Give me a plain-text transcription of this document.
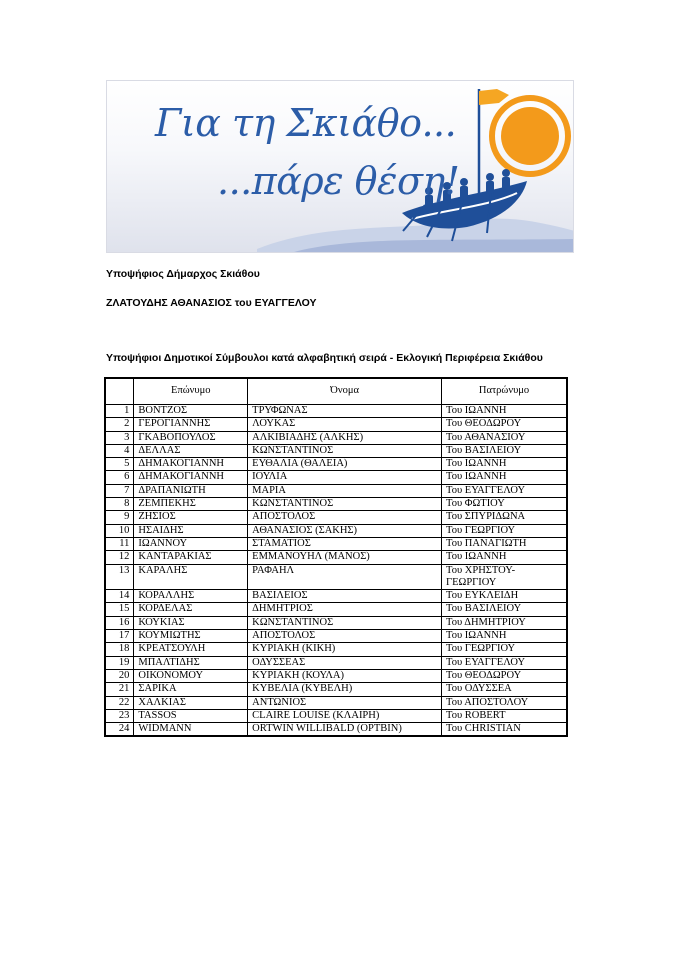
Για τη Σκιάθο...
...πάρε θέση!
Υποψήφιος Δήμαρχος Σκιάθου
ΖΛΑΤΟΥΔΗΣ ΑΘΑΝΑΣΙΟΣ του ΕΥΑΓΓΕΛΟΥ
Υποψήφιοι Δημοτικοί Σύμβουλοι κατά αλφαβητική σειρά - Εκλογική Περιφέρεια Σκιάθου
	Επώνυμο	Όνομα	Πατρώνυμο
1	ΒΟΝΤΖΟΣ	ΤΡΥΦΩΝΑΣ	Του ΙΩΑΝΝΗ
2	ΓΕΡΟΓΙΑΝΝΗΣ	ΛΟΥΚΑΣ	Του ΘΕΟΔΩΡΟΥ
3	ΓΚΑΒΟΠΟΥΛΟΣ	ΑΛΚΙΒΙΑΔΗΣ (ΑΛΚΗΣ)	Του ΑΘΑΝΑΣΙΟΥ
4	ΔΕΛΛΑΣ	ΚΩΝΣΤΑΝΤΙΝΟΣ	Του ΒΑΣΙΛΕΙΟΥ
5	ΔΗΜΑΚΟΓΙΑΝΝΗ	ΕΥΘΑΛΙΑ (ΘΑΛΕΙΑ)	Του ΙΩΑΝΝΗ
6	ΔΗΜΑΚΟΓΙΑΝΝΗ	ΙΟΥΛΙΑ	Του ΙΩΑΝΝΗ
7	ΔΡΑΠΑΝΙΩΤΗ	ΜΑΡΙΑ	Του ΕΥΑΓΓΕΛΟΥ
8	ΖΕΜΠΕΚΗΣ	ΚΩΝΣΤΑΝΤΙΝΟΣ	Του ΦΩΤΙΟΥ
9	ΖΗΣΙΟΣ	ΑΠΟΣΤΟΛΟΣ	Του ΣΠΥΡΙΔΩΝΑ
10	ΗΣΑΙΔΗΣ	ΑΘΑΝΑΣΙΟΣ (ΣΑΚΗΣ)	Του ΓΕΩΡΓΙΟΥ
11	ΙΩΑΝΝΟΥ	ΣΤΑΜΑΤΙΟΣ	Του ΠΑΝΑΓΙΩΤΗ
12	ΚΑΝΤΑΡΑΚΙΑΣ	ΕΜΜΑΝΟΥΗΛ (ΜΑΝΟΣ)	Του ΙΩΑΝΝΗ
13	ΚΑΡΑΛΗΣ	ΡΑΦΑΗΛ	Του ΧΡΗΣΤΟΥ-ΓΕΩΡΓΙΟΥ
14	ΚΟΡΑΛΛΗΣ	ΒΑΣΙΛΕΙΟΣ	Του ΕΥΚΛΕΙΔΗ
15	ΚΟΡΔΕΛΑΣ	ΔΗΜΗΤΡΙΟΣ	Του ΒΑΣΙΛΕΙΟΥ
16	ΚΟΥΚΙΑΣ	ΚΩΝΣΤΑΝΤΙΝΟΣ	Του ΔΗΜΗΤΡΙΟΥ
17	ΚΟΥΜΙΩΤΗΣ	ΑΠΟΣΤΟΛΟΣ	Του ΙΩΑΝΝΗ
18	ΚΡΕΑΤΣΟΥΛΗ	ΚΥΡΙΑΚΗ (ΚΙΚΗ)	Του ΓΕΩΡΓΙΟΥ
19	ΜΠΑΛΤΙΔΗΣ	ΟΔΥΣΣΕΑΣ	Του ΕΥΑΓΓΕΛΟΥ
20	ΟΙΚΟΝΟΜΟΥ	ΚΥΡΙΑΚΗ (ΚΟΥΛΑ)	Του ΘΕΟΔΩΡΟΥ
21	ΣΑΡΙΚΑ	ΚΥΒΕΛΙΑ (ΚΥΒΕΛΗ)	Του ΟΔΥΣΣΕΑ
22	ΧΑΛΚΙΑΣ	ΑΝΤΩΝΙΟΣ	Του ΑΠΟΣΤΟΛΟΥ
23	TASSOS	CLAIRE LOUISE (ΚΛΑΙΡΗ)	Του ROBERT
24	WIDMANN	ORTWIN WILLIBALD (ΟΡΤΒΙΝ)	Του CHRISTIAN
